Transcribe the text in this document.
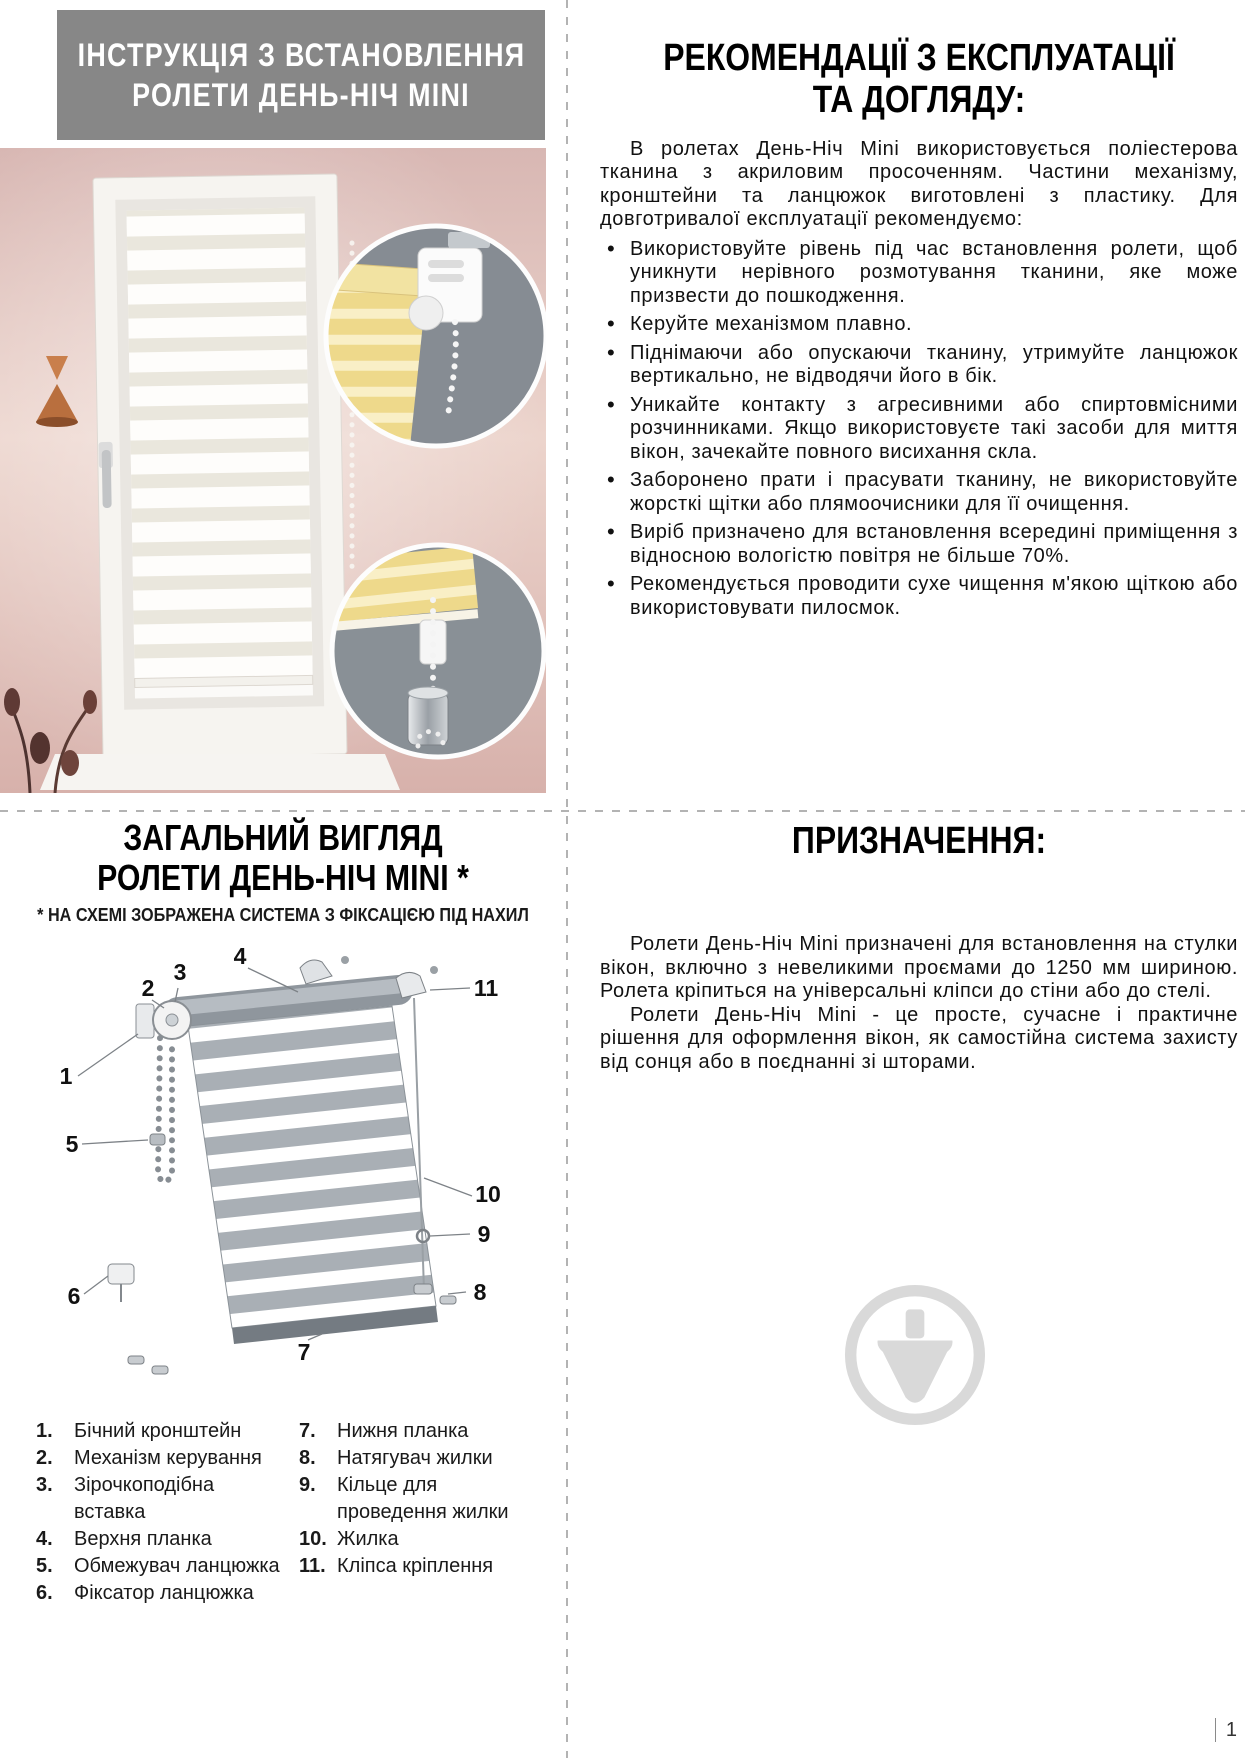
ІНСТРУКЦІЯ З ВСТАНОВЛЕННЯ
РОЛЕТИ ДЕНЬ-НІЧ MINI
РЕКОМЕНДАЦІЇ З ЕКСПЛУАТАЦІЇ
ТА ДОГЛЯДУ:

В ролетах День-Ніч Mini використовується поліестерова тканина з акриловим просоченням. Частини механізму, кронштейни та ланцюжок виготовлені з пластику. Для довготривалої експлуатації рекомендуємо:

• Використовуйте рівень під час встановлення ролети, щоб уникнути нерівного розмотування тканини, яке може призвести до пошкодження.
• Керуйте механізмом плавно.
• Піднімаючи або опускаючи тканину, утримуйте ланцюжок вертикально, не відводячи його в бік.
• Уникайте контакту з агресивними або спиртовмісними розчинниками. Якщо використовуєте такі засоби для миття вікон, зачекайте повного висихання скла.
• Заборонено прати і прасувати тканину, не використовуйте жорсткі щітки або плямоочисники для її очищення.
• Виріб призначено для встановлення всередині приміщення з відносною вологістю повітря не більше 70%.
• Рекомендується проводити сухе чищення м'якою щіткою або використовувати пилосмок.
ЗАГАЛЬНИЙ ВИГЛЯД
РОЛЕТИ ДЕНЬ-НІЧ MINI *
* НА СХЕМІ ЗОБРАЖЕНА СИСТЕМА З ФІКСАЦІЄЮ ПІД НАХИЛ
1
2
3
4
5
6
7
8
9
10
11
1.	Бічний кронштейн
2.	Механізм керування
3.	Зірочкоподібна вставка
4.	Верхня планка
5.	Обмежувач ланцюжка
6.	Фіксатор ланцюжка
7.	Нижня планка
8.	Натягувач жилки
9.	Кільце для проведення жилки
10. Жилка
11. Кліпса кріплення
ПРИЗНАЧЕННЯ:

Ролети День-Ніч Mini призначені для встановлення на стулки вікон, включно з невеликими проємами до 1250 мм шириною. Ролета кріпиться на універсальні кліпси до стіни або до стелі.

Ролети День-Ніч Mini - це просте, сучасне і практичне рішення для оформлення вікон, як самостійна система захисту від сонця або в поєднанні зі шторами.

1
